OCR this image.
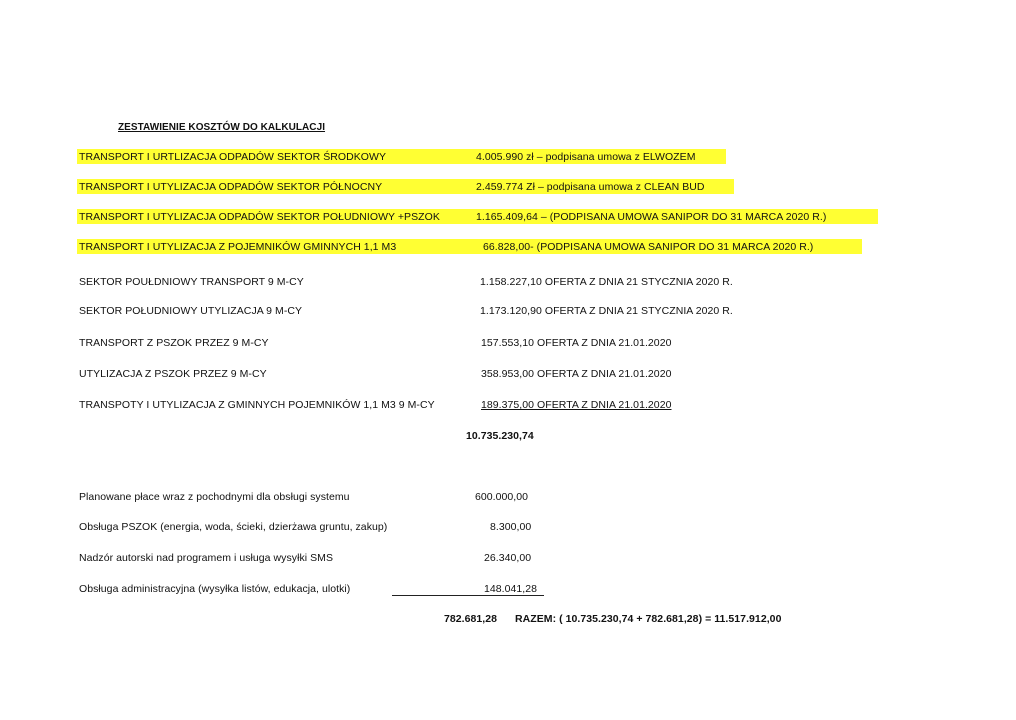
ZESTAWIENIE KOSZTÓW DO KALKULACJI
TRANSPORT I URTLIZACJA ODPADÓW SEKTOR ŚRODKOWY	4.005.990 zł – podpisana umowa z ELWOZEM
TRANSPORT I UTYLIZACJA ODPADÓW SEKTOR PÓŁNOCNY	2.459.774 Zł – podpisana umowa z CLEAN BUD
TRANSPORT I UTYLIZACJA ODPADÓW SEKTOR POŁUDNIOWY +PSZOK	1.165.409,64 – (PODPISANA UMOWA SANIPOR DO 31 MARCA 2020 R.)
TRANSPORT I UTYLIZACJA Z POJEMNIKÓW GMINNYCH 1,1 M3	66.828,00- (PODPISANA UMOWA SANIPOR DO 31 MARCA 2020 R.)
SEKTOR POUŁDNIOWY TRANSPORT 9 M-CY	1.158.227,10 OFERTA Z DNIA 21 STYCZNIA 2020 R.
SEKTOR POŁUDNIOWY UTYLIZACJA 9 M-CY	1.173.120,90 OFERTA Z DNIA 21 STYCZNIA 2020 R.
TRANSPORT Z PSZOK PRZEZ 9 M-CY	157.553,10 OFERTA Z DNIA 21.01.2020
UTYLIZACJA Z PSZOK PRZEZ 9 M-CY	358.953,00 OFERTA Z DNIA 21.01.2020
TRANSPOTY I UTYLIZACJA Z GMINNYCH POJEMNIKÓW 1,1 M3 9 M-CY	189.375,00 OFERTA Z DNIA 21.01.2020
10.735.230,74
Planowane płace wraz z pochodnymi dla obsługi systemu	600.000,00
Obsługa PSZOK (energia, woda, ścieki, dzierżawa gruntu, zakup)	8.300,00
Nadzór autorski nad programem i usługa wysyłki SMS	26.340,00
Obsługa administracyjna (wysyłka listów, edukacja, ulotki)	148.041,28
782.681,28 RAZEM: ( 10.735.230,74 + 782.681,28) = 11.517.912,00
